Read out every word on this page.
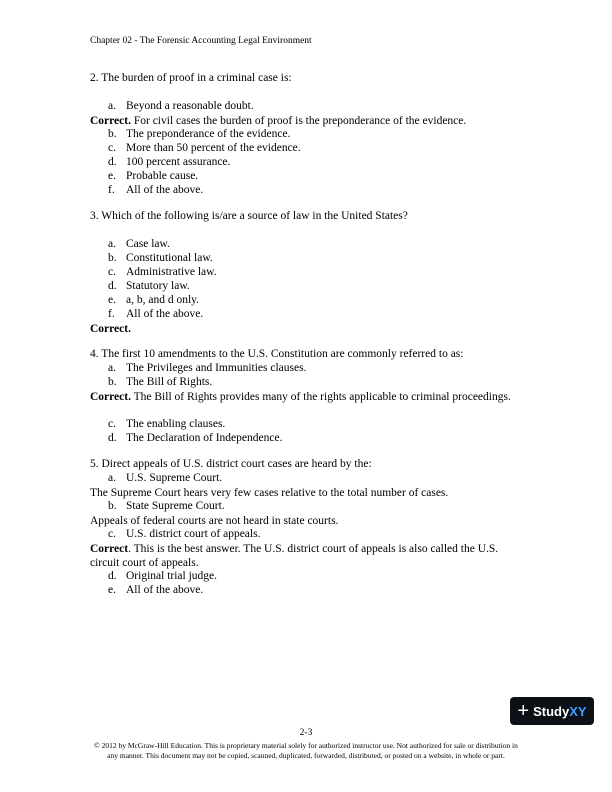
Chapter 02 - The Forensic Accounting Legal Environment
2. The burden of proof in a criminal case is:
a. Beyond a reasonable doubt.
Correct. For civil cases the burden of proof is the preponderance of the evidence.
b. The preponderance of the evidence.
c. More than 50 percent of the evidence.
d. 100 percent assurance.
e. Probable cause.
f. All of the above.
3. Which of the following is/are a source of law in the United States?
a. Case law.
b. Constitutional law.
c. Administrative law.
d. Statutory law.
e. a, b, and d only.
f. All of the above.
Correct.
4. The first 10 amendments to the U.S. Constitution are commonly referred to as:
a. The Privileges and Immunities clauses.
b. The Bill of Rights.
Correct. The Bill of Rights provides many of the rights applicable to criminal proceedings.
c. The enabling clauses.
d. The Declaration of Independence.
5. Direct appeals of U.S. district court cases are heard by the:
a. U.S. Supreme Court.
The Supreme Court hears very few cases relative to the total number of cases.
b. State Supreme Court.
Appeals of federal courts are not heard in state courts.
c. U.S. district court of appeals.
Correct. This is the best answer. The U.S. district court of appeals is also called the U.S. circuit court of appeals.
d. Original trial judge.
e. All of the above.
+ Study XY
2-3
© 2012 by McGraw-Hill Education. This is proprietary material solely for authorized instructor use. Not authorized for sale or distribution in any manner. This document may not be copied, scanned, duplicated, forwarded, distributed, or posted on a website, in whole or part.
